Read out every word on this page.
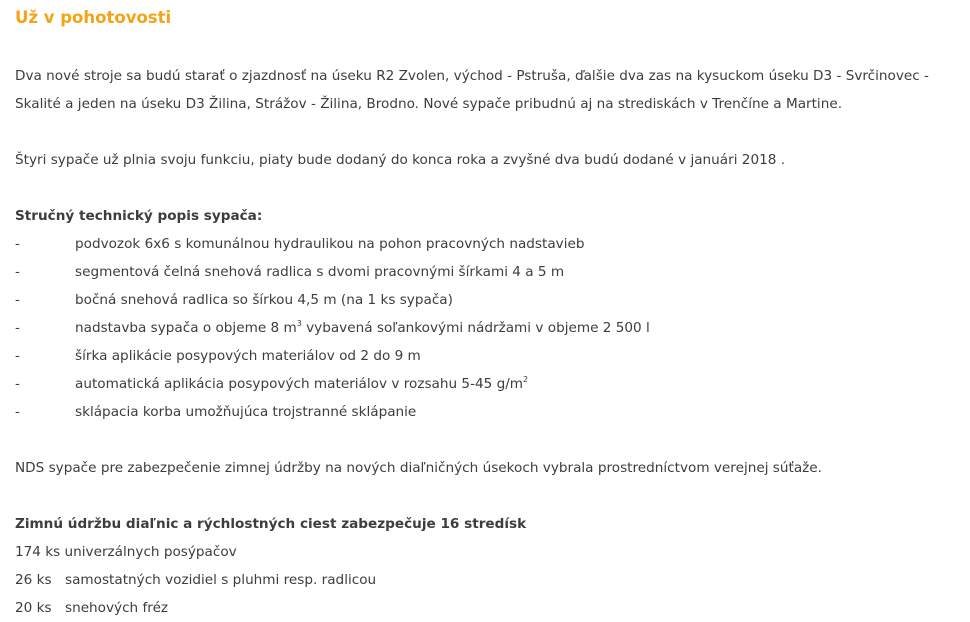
Už v pohotovosti

Dva nové stroje sa budú starať o zjazdnosť na úseku R2 Zvolen, východ - Pstruša, ďalšie dva zas na kysuckom úseku D3 - Svrčinovec - Skalité a jeden na úseku D3 Žilina, Strážov - Žilina, Brodno. Nové sypače pribudnú aj na strediskách v Trenčíne a Martine.

Štyri sypače už plnia svoju funkciu, piaty bude dodaný do konca roka a zvyšné dva budú dodané v januári 2018 .

Stručný technický popis sypača:
-	podvozok 6x6 s komunálnou hydraulikou na pohon pracovných nadstavieb
-	segmentová čelná snehová radlica s dvomi pracovnými šírkami 4 a 5 m
-	bočná snehová radlica so šírkou 4,5 m (na 1 ks sypača)
-	nadstavba sypača o objeme 8 $m^3$ vybavená soľankovými nádržami v objeme 2 500 l
-	šírka aplikácie posypových materiálov od 2 do 9 m
-	automatická aplikácia posypových materiálov v rozsahu 5-45 $g/m^2$
-	sklápacia korba umožňujúca trojstranné sklápanie
NDS sypače pre zabezpečenie zimnej údržby na nových diaľničných úsekoch vybrala prostredníctvom verejnej súťaže.
Zimnú údržbu diaľnic a rýchlostných ciest zabezpečuje 16 stredísk
174 ks univerzálnych posýpačov
26 ks samostatných vozidiel s pluhmi resp. radlicou
20 ks snehových fréz
